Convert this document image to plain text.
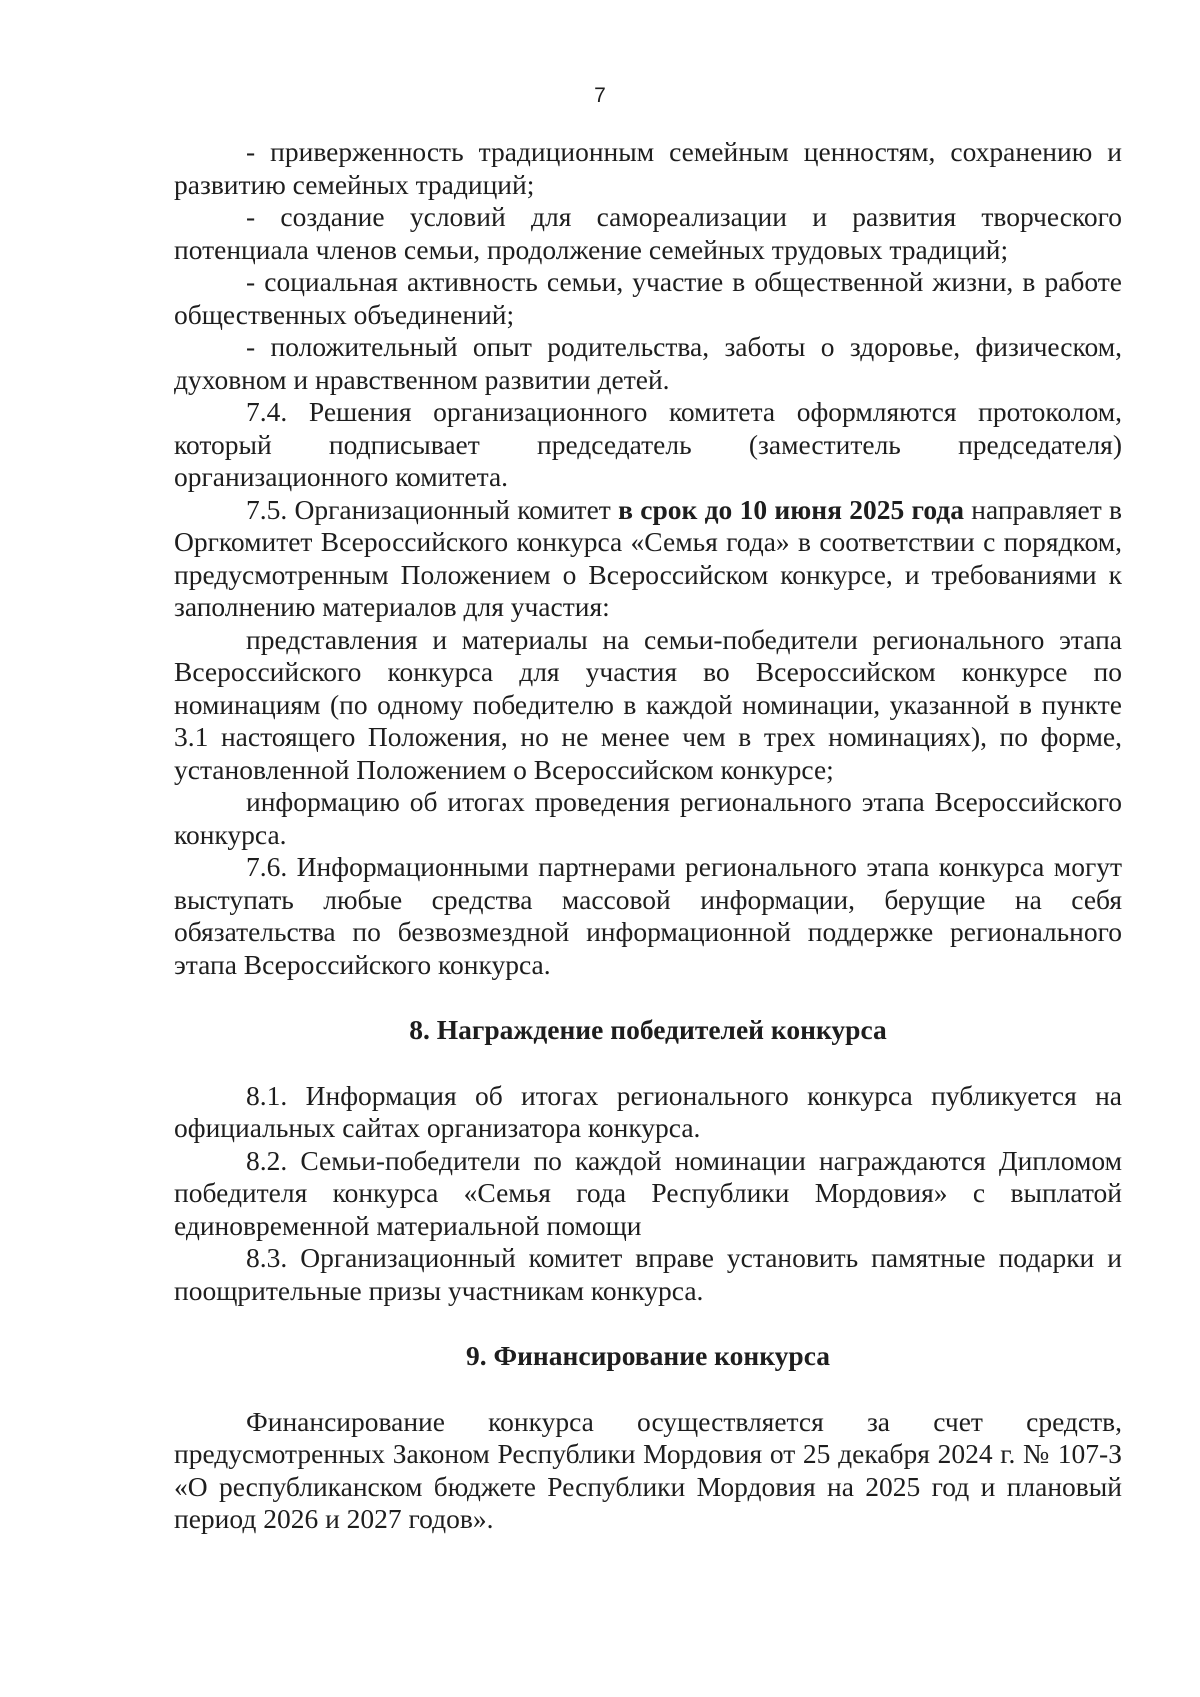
7

- приверженность традиционным семейным ценностям, сохранению и развитию семейных традиций;

- создание условий для самореализации и развития творческого потенциала членов семьи, продолжение семейных трудовых традиций;

- социальная активность семьи, участие в общественной жизни, в работе общественных объединений;

- положительный опыт родительства, заботы о здоровье, физическом, духовном и нравственном развитии детей.

7.4. Решения организационного комитета оформляются протоколом, который подписывает председатель (заместитель председателя) организационного комитета.

7.5. Организационный комитет в срок до 10 июня 2025 года направляет в Оргкомитет Всероссийского конкурса «Семья года» в соответствии с порядком, предусмотренным Положением о Всероссийском конкурсе, и требованиями к заполнению материалов для участия:

представления и материалы на семьи-победители регионального этапа Всероссийского конкурса для участия во Всероссийском конкурсе по номинациям (по одному победителю в каждой номинации, указанной в пункте 3.1 настоящего Положения, но не менее чем в трех номинациях), по форме, установленной Положением о Всероссийском конкурсе;

информацию об итогах проведения регионального этапа Всероссийского конкурса.

7.6. Информационными партнерами регионального этапа конкурса могут выступать любые средства массовой информации, берущие на себя обязательства по безвозмездной информационной поддержке регионального этапа Всероссийского конкурса.

8. Награждение победителей конкурса

8.1. Информация об итогах регионального конкурса публикуется на официальных сайтах организатора конкурса.

8.2. Семьи-победители по каждой номинации награждаются Дипломом победителя конкурса «Семья года Республики Мордовия» с выплатой единовременной материальной помощи

8.3. Организационный комитет вправе установить памятные подарки и поощрительные призы участникам конкурса.

9. Финансирование конкурса

Финансирование конкурса осуществляется за счет средств, предусмотренных Законом Республики Мордовия от 25 декабря 2024 г. № 107-З «О республиканском бюджете Республики Мордовия на 2025 год и плановый период 2026 и 2027 годов».
